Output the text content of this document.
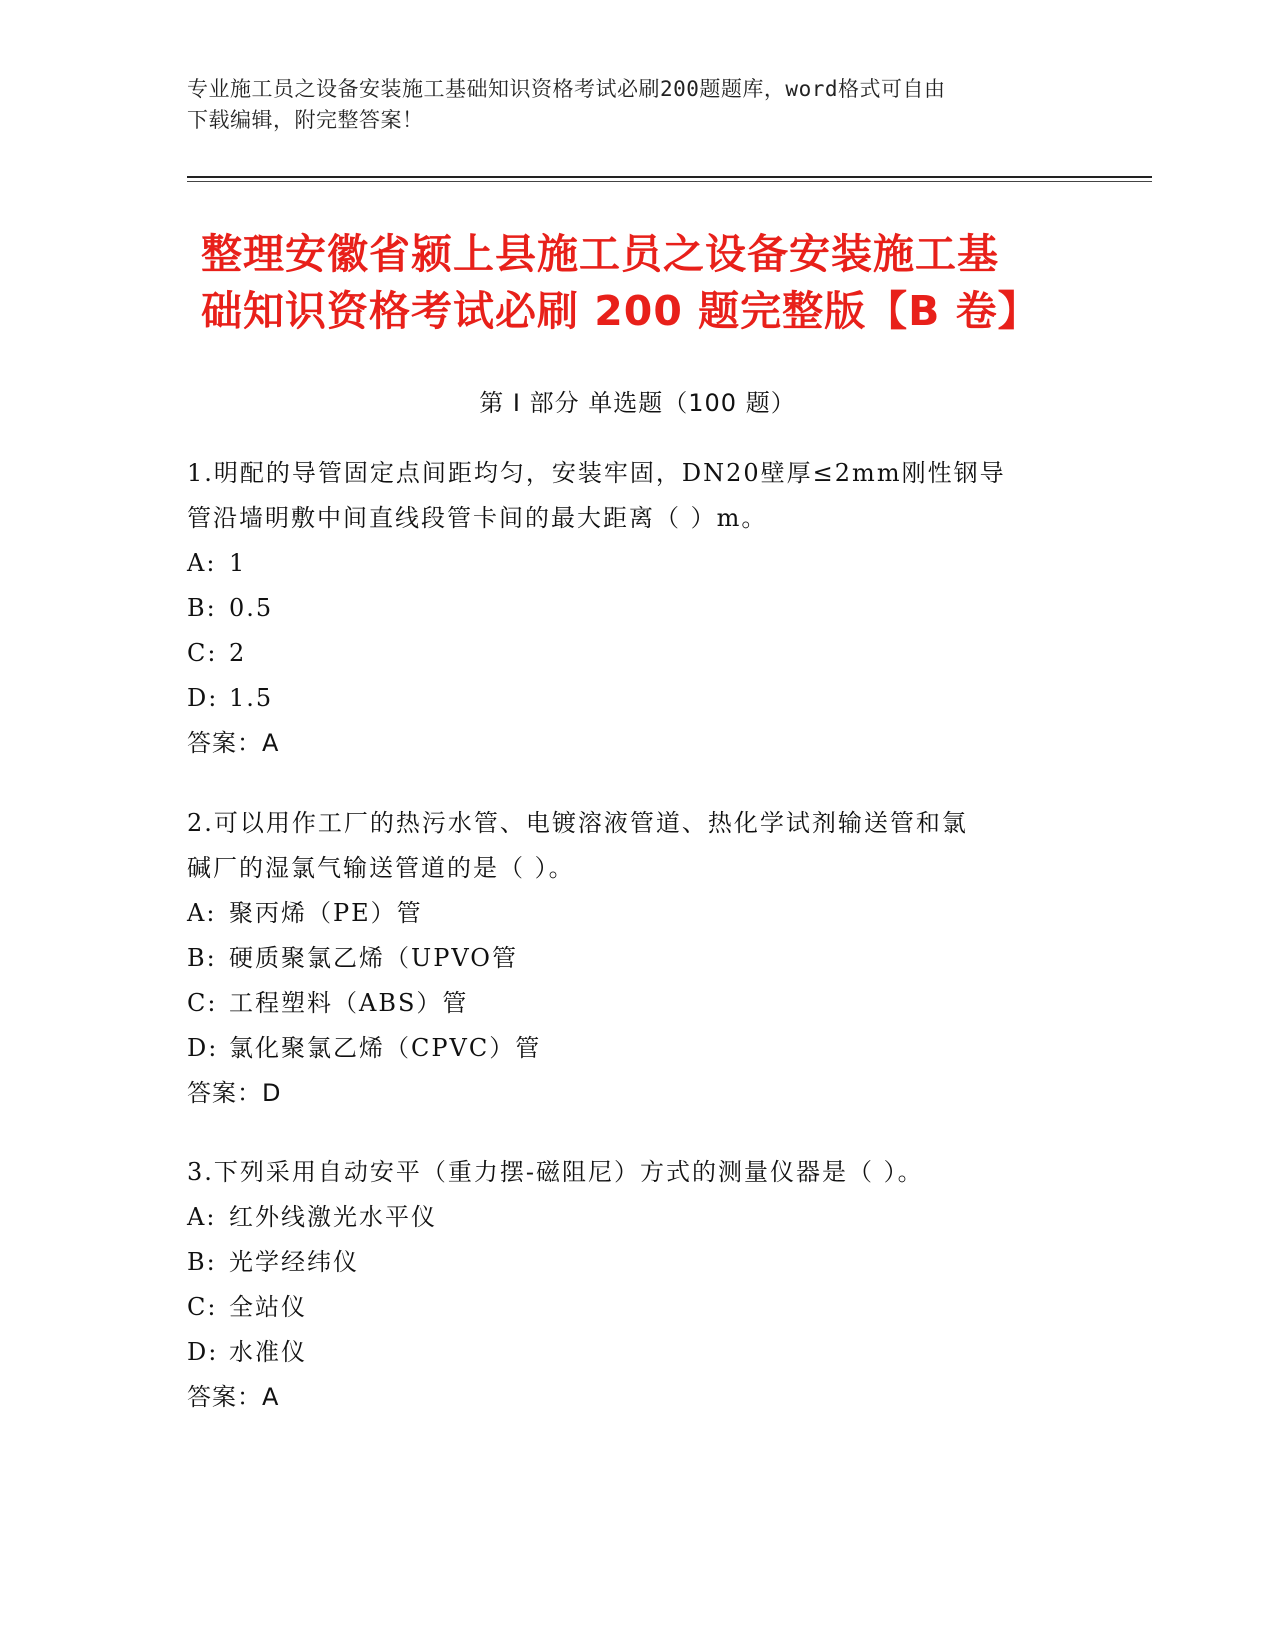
专业施工员之设备安装施工基础知识资格考试必刷200题题库，word格式可自由
下载编辑，附完整答案！
整理安徽省颍上县施工员之设备安装施工基
础知识资格考试必刷 200 题完整版【B 卷】
第 I 部分 单选题（100 题）

1.明配的导管固定点间距均匀，安装牢固，DN20壁厚≤2mm刚性钢导

管沿墙明敷中间直线段管卡间的最大距离（ ）m。

A: 1

B: 0.5

C: 2

D: 1.5

答案：A

2.可以用作工厂的热污水管、电镀溶液管道、热化学试剂输送管和氯

碱厂的湿氯气输送管道的是（ ）。

A: 聚丙烯（PE）管

B: 硬质聚氯乙烯（UPVO管

C: 工程塑料（ABS）管

D: 氯化聚氯乙烯（CPVC）管

答案：D

3.下列采用自动安平（重力摆-磁阻尼）方式的测量仪器是（ ）。

A: 红外线激光水平仪

B: 光学经纬仪

C: 全站仪

D: 水准仪

答案：A
